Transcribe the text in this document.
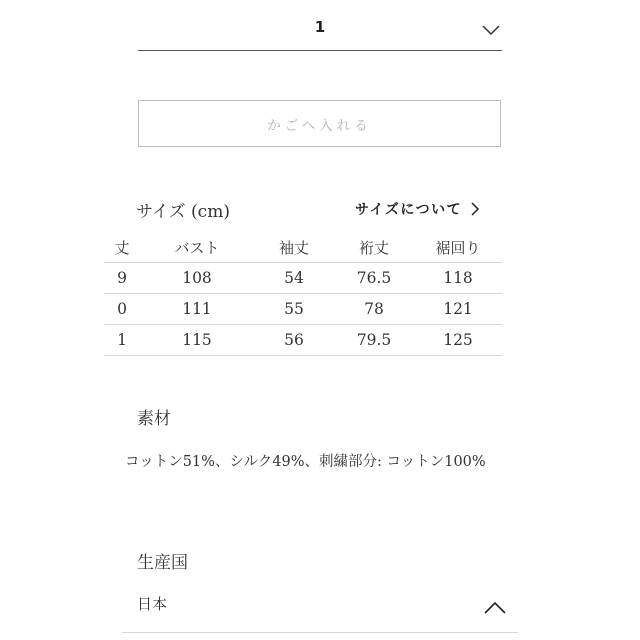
1
かごへ入れる
サイズ (cm)	サイズについて
丈	バスト	袖丈	裄丈	裾回り
9	108	54	76.5	118
0	111	55	78	121
1	115	56	79.5	125
素材

コットン51%、シルク49%、刺繍部分: コットン100%

生産国
日本
